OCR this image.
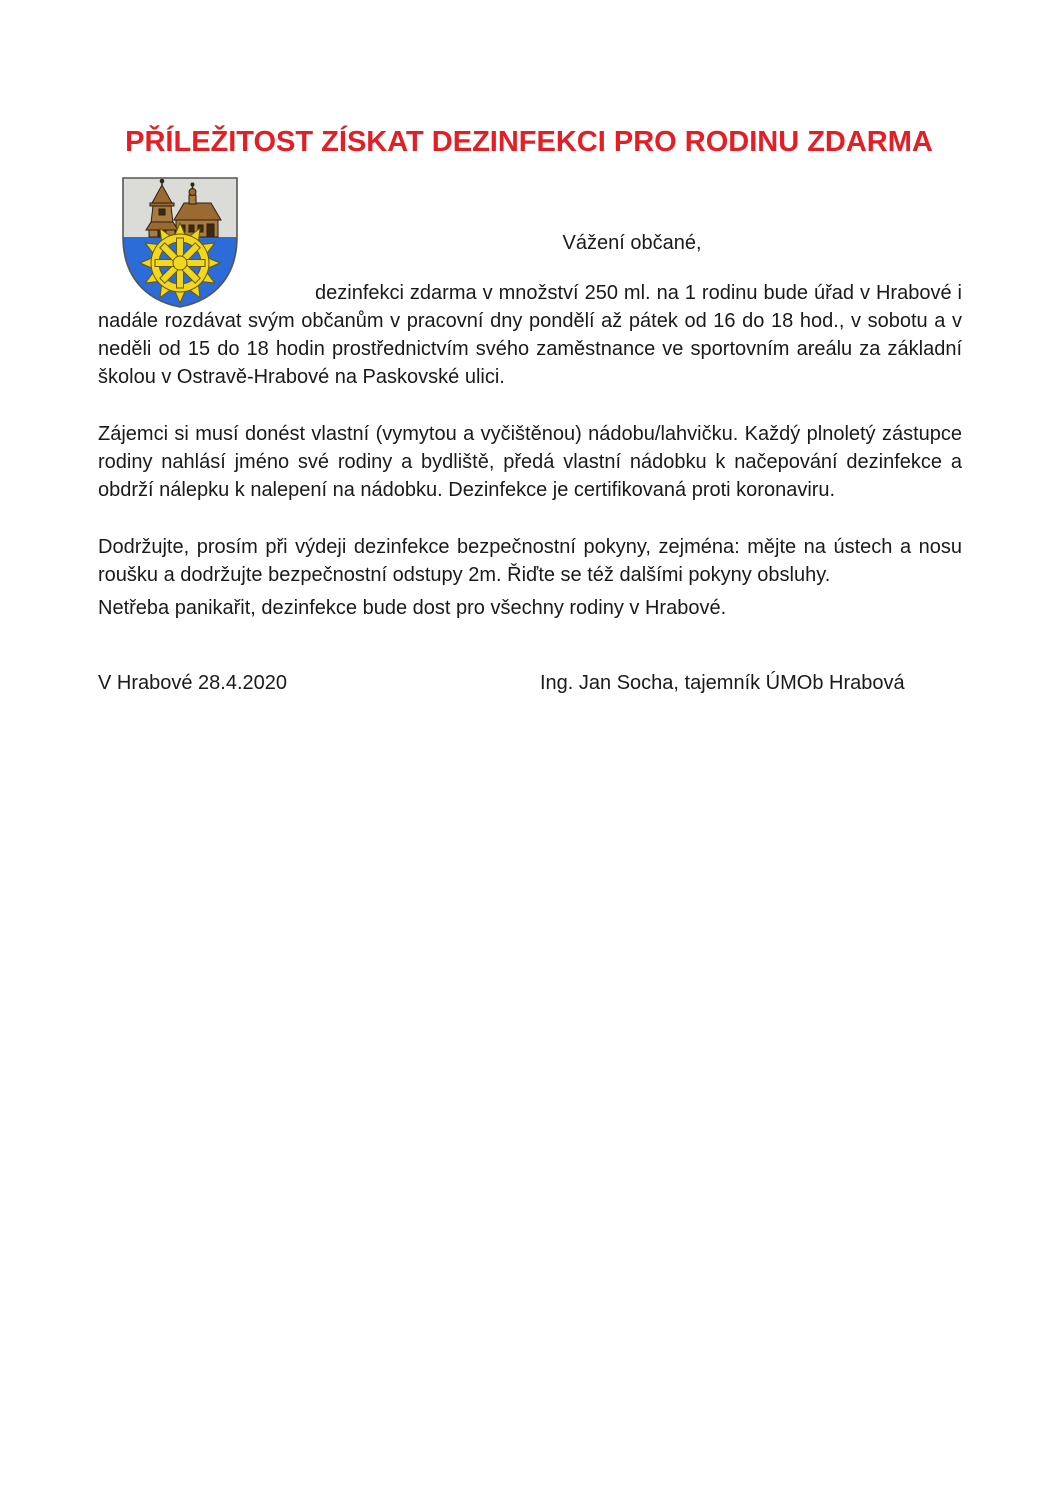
PŘÍLEŽITOST ZÍSKAT DEZINFEKCI PRO RODINU ZDARMA
Vážení občané,

dezinfekci zdarma v množství 250 ml. na 1 rodinu bude úřad v Hrabové i nadále rozdávat svým občanům v pracovní dny pondělí až pátek od 16 do 18 hod., v sobotu a v neděli od 15 do 18 hodin prostřednictvím svého zaměstnance ve sportovním areálu za základní školou v Ostravě-Hrabové na Paskovské ulici.

Zájemci si musí donést vlastní (vymytou a vyčištěnou) nádobu/lahvičku. Každý plnoletý zástupce rodiny nahlásí jméno své rodiny a bydliště, předá vlastní nádobku k načepování dezinfekce a obdrží nálepku k nalepení na nádobku. Dezinfekce je certifikovaná proti koronaviru.

Dodržujte, prosím při výdeji dezinfekce bezpečnostní pokyny, zejména: mějte na ústech a nosu roušku a dodržujte bezpečnostní odstupy 2m. Řiďte se též dalšími pokyny obsluhy.

Netřeba panikařit, dezinfekce bude dost pro všechny rodiny v Hrabové.

V Hrabové 28.4.2020	Ing. Jan Socha, tajemník ÚMOb Hrabová
